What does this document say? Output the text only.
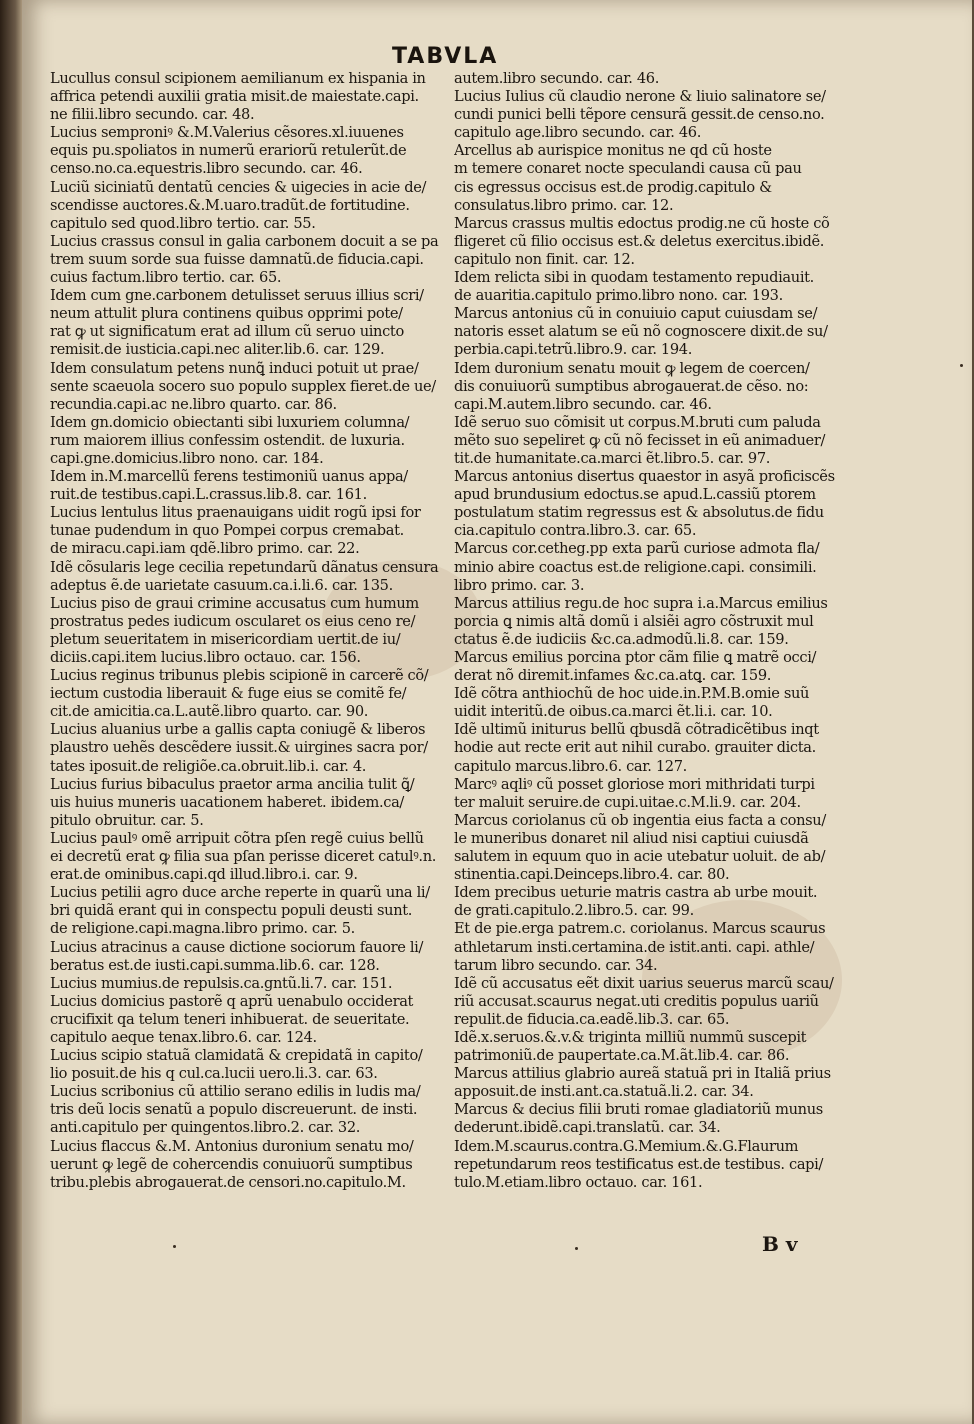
TABVLA
Lucullus consul scipionem aemilianum ex hispania in
affrica petendi auxilii gratia misit.de maiestate.capi.
ne filii.libro secundo. car. 48.
Lucius semproniꝰ &.M.Valerius cẽsores.xl.iuuenes
equis pu.spoliatos in numerũ erariorũ retulerũt.de
censo.no.ca.equestris.libro secundo. car. 46.
Luciũ siciniatũ dentatũ cencies & uigecies in acie de/
scendisse auctores.&.M.uaro.tradũt.de fortitudine.
capitulo sed quod.libro tertio. car. 55.
Lucius crassus consul in galia carbonem docuit a se pa
trem suum sorde sua fuisse damnatũ.de fiducia.capi.
cuius factum.libro tertio. car. 65.
Idem cum gne.carbonem detulisset seruus illius scri/
neum attulit plura continens quibus opprimi pote/
rat ꝙ ut significatum erat ad illum cũ seruo uincto
remisit.de iusticia.capi.nec aliter.lib.6. car. 129.
Idem consulatum petens nunꝗ̃ induci potuit ut prae/
sente scaeuola socero suo populo supplex fieret.de ue/
recundia.capi.ac ne.libro quarto. car. 86.
Idem gn.domicio obiectanti sibi luxuriem columna/
rum maiorem illius confessim ostendit. de luxuria.
capi.gne.domicius.libro nono. car. 184.
Idem in.M.marcellũ ferens testimoniũ uanus appa/
ruit.de testibus.capi.L.crassus.lib.8. car. 161.
Lucius lentulus litus praenauigans uidit rogũ ipsi for
tunae pudendum in quo Pompei corpus cremabat.
de miracu.capi.iam qdẽ.libro primo. car. 22.
Idẽ cõsularis lege cecilia repetundarũ dãnatus censura
adeptus ẽ.de uarietate casuum.ca.i.li.6. car. 135.
Lucius piso de graui crimine accusatus cum humum
prostratus pedes iudicum oscularet os eius ceno re/
pletum seueritatem in misericordiam uertit.de iu/
diciis.capi.item lucius.libro octauo. car. 156.
Lucius reginus tribunus plebis scipionẽ in carcerẽ cõ/
iectum custodia liberauit & fuge eius se comitẽ fe/
cit.de amicitia.ca.L.autẽ.libro quarto. car. 90.
Lucius aluanius urbe a gallis capta coniugẽ & liberos
plaustro uehẽs descẽdere iussit.& uirgines sacra por/
tates iposuit.de religiõe.ca.obruit.lib.i. car. 4.
Lucius furius bibaculus praetor arma ancilia tulit ꝗ̃/
uis huius muneris uacationem haberet. ibidem.ca/
pitulo obruitur. car. 5.
Lucius paulꝰ omẽ arripuit cõtra pſen regẽ cuius bellũ
ei decretũ erat ꝙ filia sua pſan perisse diceret catulꝰ.n.
erat.de ominibus.capi.qd illud.libro.i. car. 9.
Lucius petilii agro duce arche reperte in quarũ una li/
bri quidã erant qui in conspectu populi deusti sunt.
de religione.capi.magna.libro primo. car. 5.
Lucius atracinus a cause dictione sociorum fauore li/
beratus est.de iusti.capi.summa.lib.6. car. 128.
Lucius mumius.de repulsis.ca.gntũ.li.7. car. 151.
Lucius domicius pastorẽ q aprũ uenabulo occiderat
crucifixit qa telum teneri inhibuerat. de seueritate.
capitulo aeque tenax.libro.6. car. 124.
Lucius scipio statuã clamidatã & crepidatã in capito/
lio posuit.de his q cul.ca.lucii uero.li.3. car. 63.
Lucius scribonius cũ attilio serano edilis in ludis ma/
tris deũ locis senatũ a populo discreuerunt. de insti.
anti.capitulo per quingentos.libro.2. car. 32.
Lucius flaccus &.M. Antonius duronium senatu mo/
uerunt ꝙ legẽ de cohercendis conuiuorũ sumptibus
tribu.plebis abrogauerat.de censori.no.capitulo.M.
autem.libro secundo. car. 46.
Lucius Iulius cũ claudio nerone & liuio salinatore se/
cundi punici belli tẽpore censurã gessit.de censo.no.
capitulo age.libro secundo. car. 46.
Arcellus ab aurispice monitus ne qd cũ hoste
m temere conaret nocte speculandi causa cũ pau
cis egressus occisus est.de prodig.capitulo &
consulatus.libro primo. car. 12.
Marcus crassus multis edoctus prodig.ne cũ hoste cõ
fligeret cũ filio occisus est.& deletus exercitus.ibidẽ.
capitulo non finit. car. 12.
Idem relicta sibi in quodam testamento repudiauit.
de auaritia.capitulo primo.libro nono. car. 193.
Marcus antonius cũ in conuiuio caput cuiusdam se/
natoris esset alatum se eũ nõ cognoscere dixit.de su/
perbia.capi.tetrũ.libro.9. car. 194.
Idem duronium senatu mouit ꝙ legem de coercen/
dis conuiuorũ sumptibus abrogauerat.de cẽso. no:
capi.M.autem.libro secundo. car. 46.
Idẽ seruo suo cõmisit ut corpus.M.bruti cum paluda
mẽto suo sepeliret ꝙ cũ nõ fecisset in eũ animaduer/
tit.de humanitate.ca.marci ẽt.libro.5. car. 97.
Marcus antonius disertus quaestor in asyã proficiscẽs
apud brundusium edoctus.se apud.L.cassiũ ptorem
postulatum statim regressus est & absolutus.de fidu
cia.capitulo contra.libro.3. car. 65.
Marcus cor.cetheg.pp exta parũ curiose admota fla/
minio abire coactus est.de religione.capi. consimili.
libro primo. car. 3.
Marcus attilius regu.de hoc supra i.a.Marcus emilius
porcia ꝗ nimis altã domũ i alsiẽi agro cõstruxit mul
ctatus ẽ.de iudiciis &c.ca.admodũ.li.8. car. 159.
Marcus emilius porcina ptor cãm filie ꝗ matrẽ occi/
derat nõ diremit.infames &c.ca.atꝗ. car. 159.
Idẽ cõtra anthiochũ de hoc uide.in.P.M.B.omie suũ
uidit interitũ.de oibus.ca.marci ẽt.li.i. car. 10.
Idẽ ultimũ initurus bellũ qbusdã cõtradicẽtibus inqt
hodie aut recte erit aut nihil curabo. grauiter dicta.
capitulo marcus.libro.6. car. 127.
Marcꝰ aqliꝰ cũ posset gloriose mori mithridati turpi
ter maluit seruire.de cupi.uitae.c.M.li.9. car. 204.
Marcus coriolanus cũ ob ingentia eius facta a consu/
le muneribus donaret nil aliud nisi captiui cuiusdã
salutem in equum quo in acie utebatur uoluit. de ab/
stinentia.capi.Deinceps.libro.4. car. 80.
Idem precibus ueturie matris castra ab urbe mouit.
de grati.capitulo.2.libro.5. car. 99.
Et de pie.erga patrem.c. coriolanus. Marcus scaurus
athletarum insti.certamina.de istit.anti. capi. athle/
tarum libro secundo. car. 34.
Idẽ cũ accusatus eẽt dixit uarius seuerus marcũ scau/
riũ accusat.scaurus negat.uti creditis populus uariũ
repulit.de fiducia.ca.eadẽ.lib.3. car. 65.
Idẽ.x.seruos.&.v.& triginta milliũ nummũ suscepit
patrimoniũ.de paupertate.ca.M.ãt.lib.4. car. 86.
Marcus attilius glabrio aureã statuã pri in Italiã prius
apposuit.de insti.ant.ca.statuã.li.2. car. 34.
Marcus & decius filii bruti romae gladiatoriũ munus
dederunt.ibidẽ.capi.translatũ. car. 34.
Idem.M.scaurus.contra.G.Memium.&.G.Flaurum
repetundarum reos testificatus est.de testibus. capi/
tulo.M.etiam.libro octauo. car. 161.
B v
